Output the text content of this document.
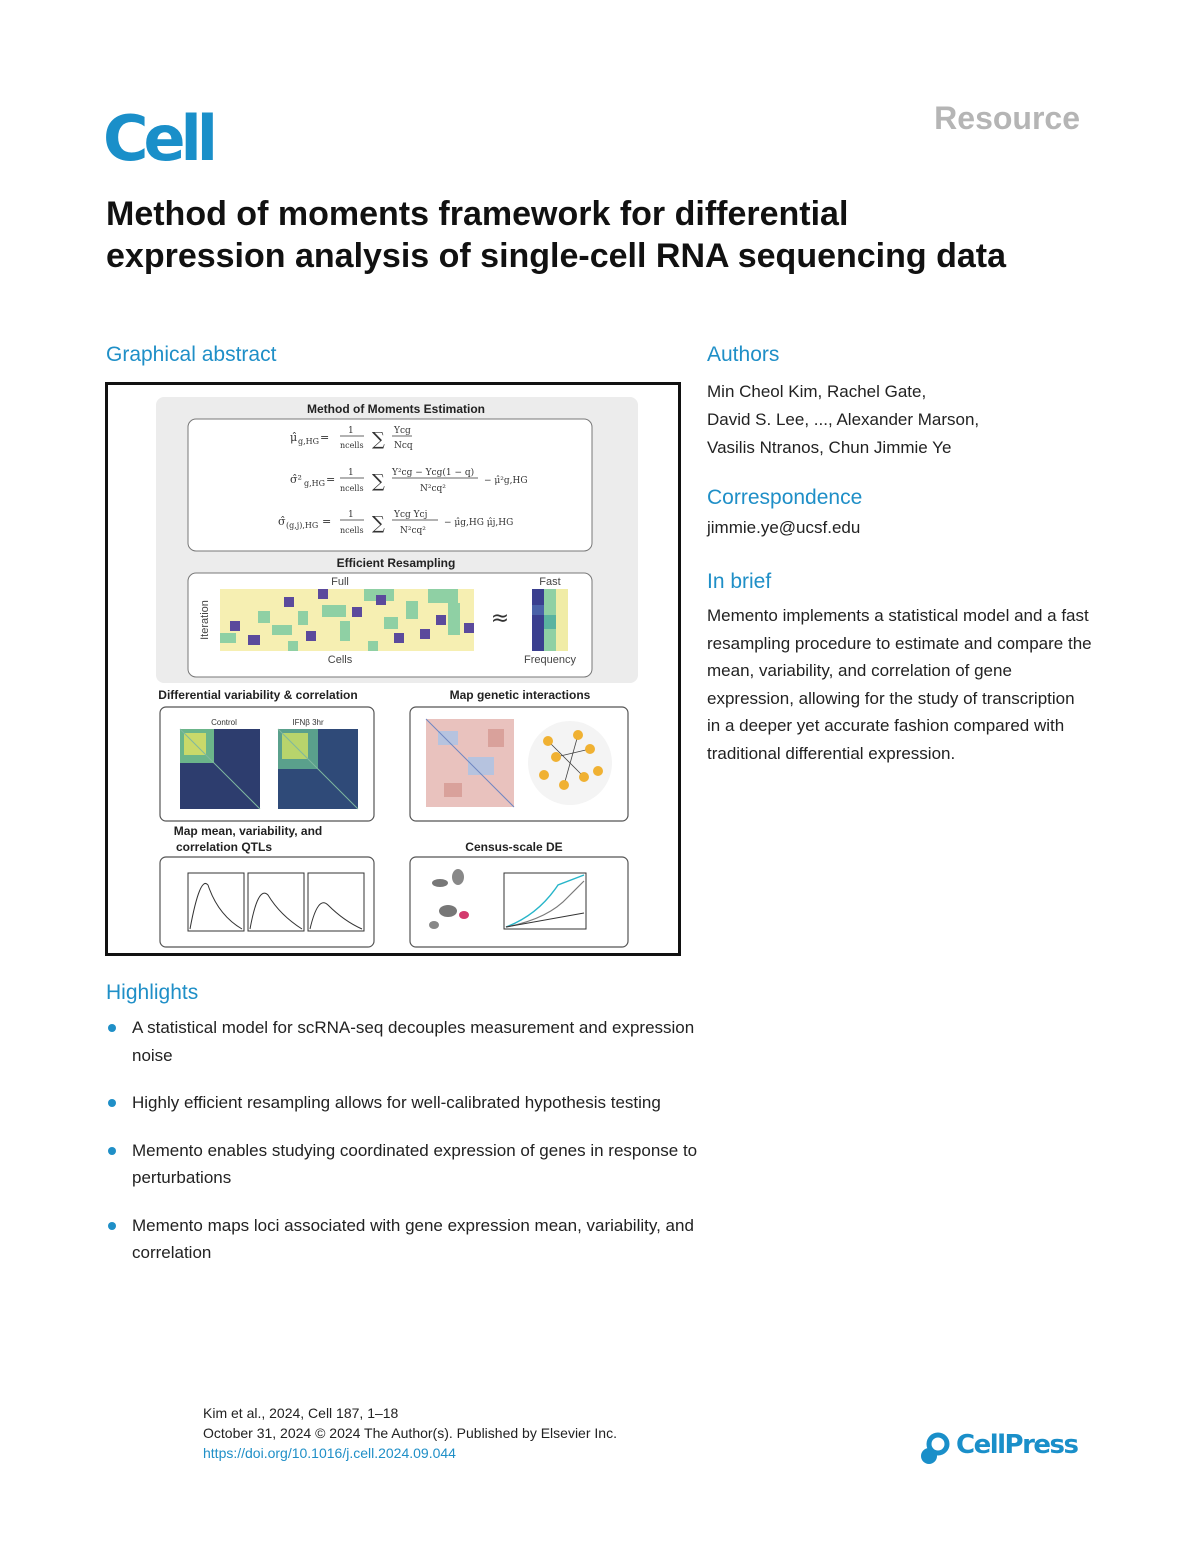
Cell	Resource
Method of moments framework for differential expression analysis of single-cell RNA sequencing data
Graphical abstract
Method of Moments Estimation
μ̂ g,HG = 1
ncells ∑ Ycg
Ncq
σ̂² g,HG = 1
ncells ∑ Y²cg − Ycg(1 − q)
N²cq²
− μ̂²g,HG
σ̂ (g,j),HG = 1
ncells ∑ Ycg Ycj
N²cq²
− μ̂g,HG μ̂j,HG
Efficient Resampling
Full	Fast
Iteration
Cells
≈
Frequency
Differential variability & correlation	Map genetic interactions
Control	IFNβ 3hr
Map mean, variability, and
correlation QTLs	Census-scale DE
Authors
Min Cheol Kim, Rachel Gate,
David S. Lee, ..., Alexander Marson,
Vasilis Ntranos, Chun Jimmie Ye
Correspondence
jimmie.ye@ucsf.edu
In brief
Memento implements a statistical model and a fast resampling procedure to estimate and compare the mean, variability, and correlation of gene expression, allowing for the study of transcription in a deeper yet accurate fashion compared with traditional differential expression.
Highlights
A statistical model for scRNA-seq decouples measurement and expression noise
Highly efficient resampling allows for well-calibrated hypothesis testing
Memento enables studying coordinated expression of genes in response to perturbations
Memento maps loci associated with gene expression mean, variability, and correlation
Kim et al., 2024, Cell 187, 1–18
October 31, 2024 © 2024 The Author(s). Published by Elsevier Inc.
https://doi.org/10.1016/j.cell.2024.09.044	CellPress
